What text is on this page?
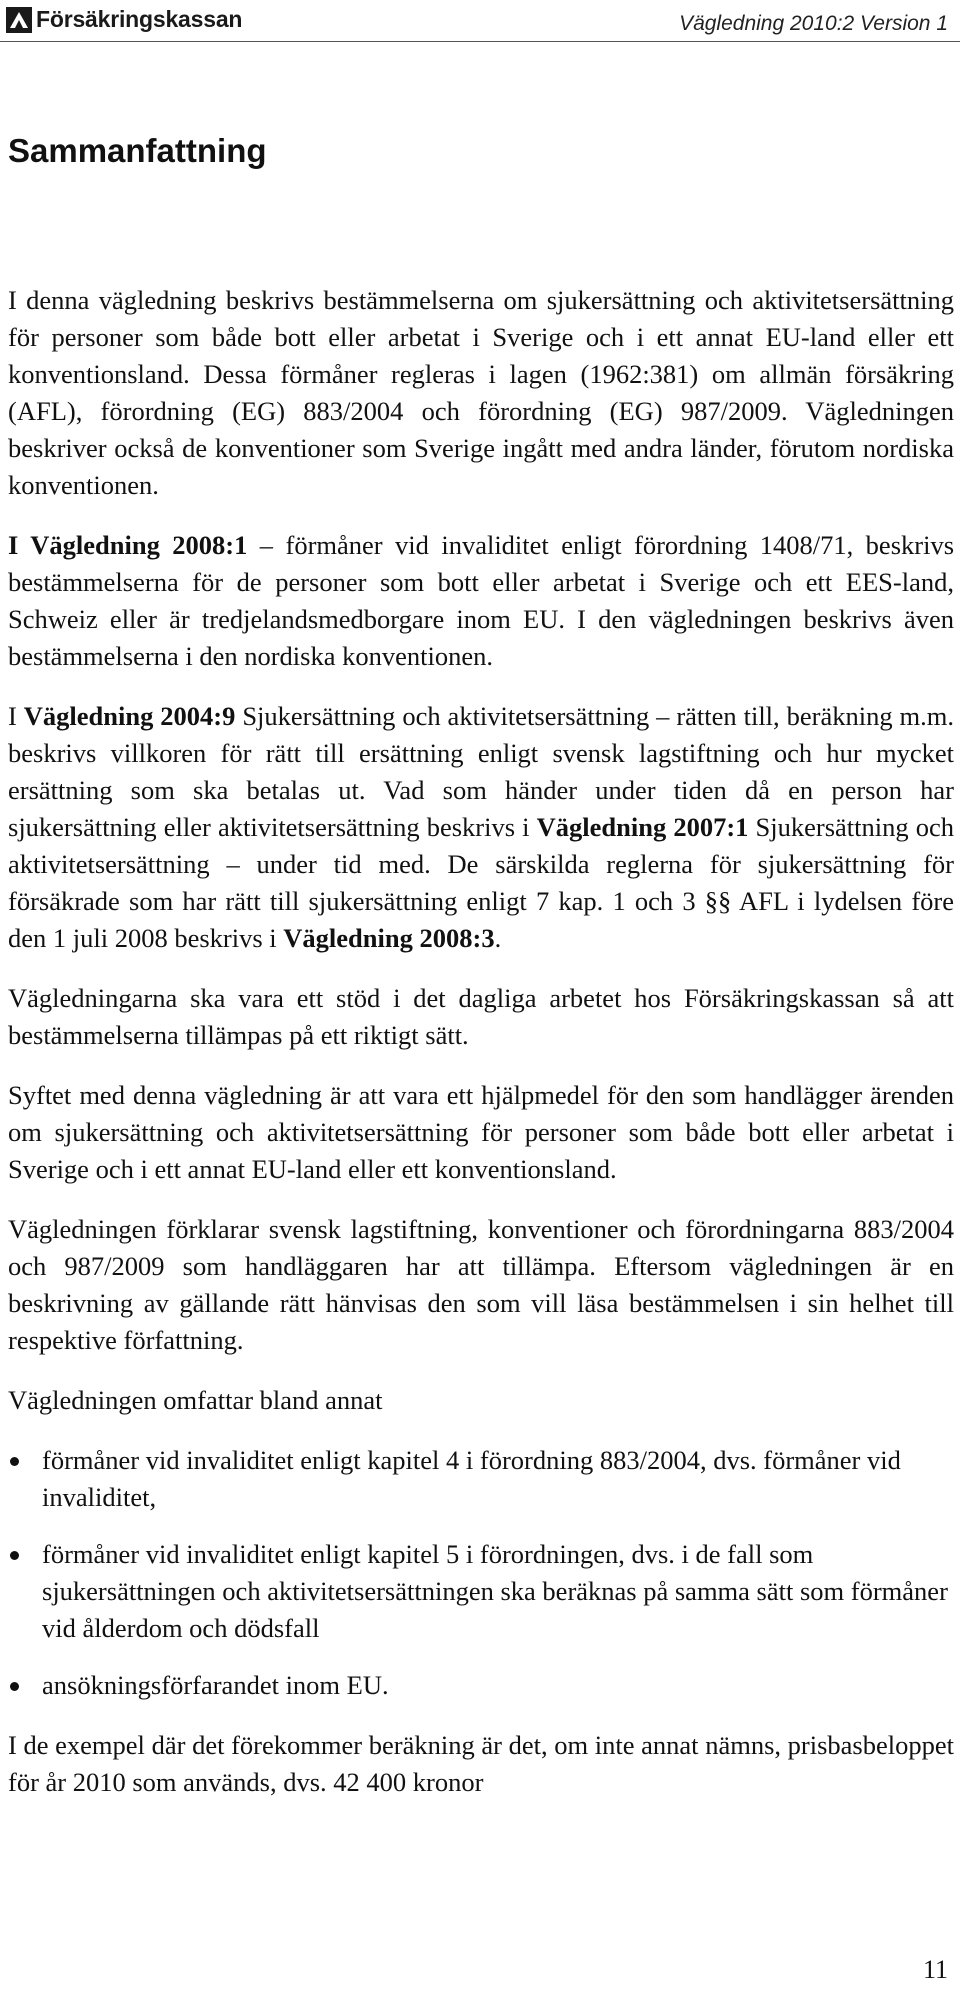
Försäkringskassan	Vägledning 2010:2 Version 1
Sammanfattning

I denna vägledning beskrivs bestämmelserna om sjukersättning och aktivitetsersättning för personer som både bott eller arbetat i Sverige och i ett annat EU-land eller ett konventionsland. Dessa förmåner regleras i lagen (1962:381) om allmän försäkring (AFL), förordning (EG) 883/2004 och förordning (EG) 987/2009. Vägledningen beskriver också de konventioner som Sverige ingått med andra länder, förutom nordiska konventionen.

I Vägledning 2008:1 – förmåner vid invaliditet enligt förordning 1408/71, beskrivs bestämmelserna för de personer som bott eller arbetat i Sverige och ett EES-land, Schweiz eller är tredjelandsmedborgare inom EU. I den vägledningen beskrivs även bestämmelserna i den nordiska konventionen.

I Vägledning 2004:9 Sjukersättning och aktivitetsersättning – rätten till, beräkning m.m. beskrivs villkoren för rätt till ersättning enligt svensk lagstiftning och hur mycket ersättning som ska betalas ut. Vad som händer under tiden då en person har sjukersättning eller aktivitetsersättning beskrivs i Vägledning 2007:1 Sjukersättning och aktivitetsersättning – under tid med. De särskilda reglerna för sjukersättning för försäkrade som har rätt till sjukersättning enligt 7 kap. 1 och 3 §§ AFL i lydelsen före den 1 juli 2008 beskrivs i Vägledning 2008:3.

Vägledningarna ska vara ett stöd i det dagliga arbetet hos Försäkringskassan så att bestämmelserna tillämpas på ett riktigt sätt.

Syftet med denna vägledning är att vara ett hjälpmedel för den som handlägger ärenden om sjukersättning och aktivitetsersättning för personer som både bott eller arbetat i Sverige och i ett annat EU-land eller ett konventionsland.

Vägledningen förklarar svensk lagstiftning, konventioner och förordningarna 883/2004 och 987/2009 som handläggaren har att tillämpa. Eftersom vägledningen är en beskrivning av gällande rätt hänvisas den som vill läsa bestämmelsen i sin helhet till respektive författning.

Vägledningen omfattar bland annat

förmåner vid invaliditet enligt kapitel 4 i förordning 883/2004, dvs. förmåner vid invaliditet,
förmåner vid invaliditet enligt kapitel 5 i förordningen, dvs. i de fall som sjukersättningen och aktivitetsersättningen ska beräknas på samma sätt som förmåner vid ålderdom och dödsfall
ansökningsförfarandet inom EU.

I de exempel där det förekommer beräkning är det, om inte annat nämns, prisbasbeloppet för år 2010 som används, dvs. 42 400 kronor

11
